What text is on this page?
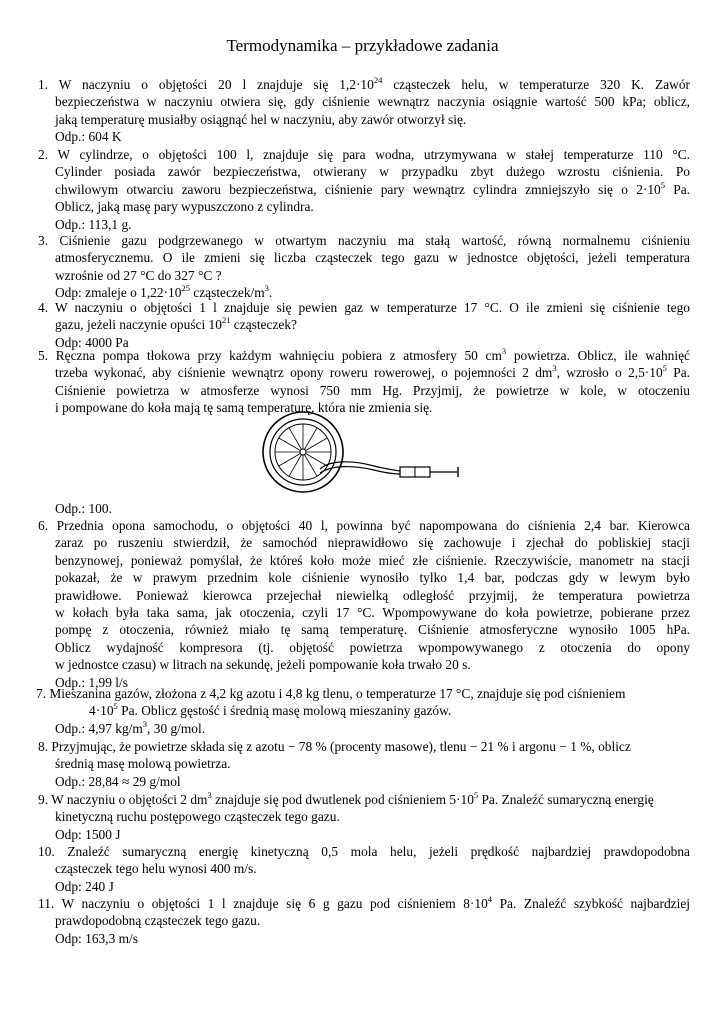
Termodynamika – przykładowe zadania
1. W naczyniu o objętości 20 l znajduje się $1,2\cdot 10^{24}$ cząsteczek helu, w temperaturze 320 K. Zawór
bezpieczeństwa w naczyniu otwiera się, gdy ciśnienie wewnątrz naczynia osiągnie wartość 500 kPa; oblicz,
jaką temperaturę musiałby osiągnąć hel w naczyniu, aby zawór otworzył się.
Odp.: 604 K
2. W cylindrze, o objętości 100 l, znajduje się para wodna, utrzymywana w stałej temperaturze 110 °C.
Cylinder posiada zawór bezpieczeństwa, otwierany w przypadku zbyt dużego wzrostu ciśnienia. Po
chwilowym otwarciu zaworu bezpieczeństwa, ciśnienie pary wewnątrz cylindra zmniejszyło się o $2\cdot 10^5$ Pa.
Oblicz, jaką masę pary wypuszczono z cylindra.
Odp.: 113,1 g.
3. Ciśnienie gazu podgrzewanego w otwartym naczyniu ma stałą wartość, równą normalnemu ciśnieniu
atmosferycznemu. O ile zmieni się liczba cząsteczek tego gazu w jednostce objętości, jeżeli temperatura
wzrośnie od 27 °C do 327 °C ?
Odp: zmaleje o $1,22\cdot 10^{25}$ cząsteczek/$m^3$.
4. W naczyniu o objętości 1 l znajduje się pewien gaz w temperaturze 17 °C. O ile zmieni się ciśnienie tego
gazu, jeżeli naczynie opuści $10^{21}$ cząsteczek?
Odp: 4000 Pa
5. Ręczna pompa tłokowa przy każdym wahnięciu pobiera z atmosfery 50 $cm^3$ powietrza. Oblicz, ile wahnięć
trzeba wykonać, aby ciśnienie wewnątrz opony roweru rowerowej, o pojemności 2 $dm^3$, wzrosło o $2,5\cdot 10^5$ Pa.
Ciśnienie powietrza w atmosferze wynosi 750 mm Hg. Przyjmij, że powietrze w kole, w otoczeniu
i pompowane do koła mają tę samą temperaturę, która nie zmienia się.
Odp.: 100.
6. Przednia opona samochodu, o objętości 40 l, powinna być napompowana do ciśnienia 2,4 bar. Kierowca
zaraz po ruszeniu stwierdził, że samochód nieprawidłowo się zachowuje i zjechał do pobliskiej stacji
benzynowej, ponieważ pomyślał, że któreś koło może mieć złe ciśnienie. Rzeczywiście, manometr na stacji
pokazał, że w prawym przednim kole ciśnienie wynosiło tylko 1,4 bar, podczas gdy w lewym było
prawidłowe. Ponieważ kierowca przejechał niewielką odległość przyjmij, że temperatura powietrza
w kołach była taka sama, jak otoczenia, czyli 17 °C. Wpompowywane do koła powietrze, pobierane przez
pompę z otoczenia, również miało tę samą temperaturę. Ciśnienie atmosferyczne wynosiło 1005 hPa.
Oblicz wydajność kompresora (tj. objętość powietrza wpompowywanego z otoczenia do opony
w jednostce czasu) w litrach na sekundę, jeżeli pompowanie koła trwało 20 s.
Odp.: 1,99 l/s
7. Mieszanina gazów, złożona z 4,2 kg azotu i 4,8 kg tlenu, o temperaturze 17 °C, znajduje się pod ciśnieniem
$4\cdot 10^5$ Pa. Oblicz gęstość i średnią masę molową mieszaniny gazów.
Odp.: 4,97 $kg/m^3$, 30 g/mol.
8. Przyjmując, że powietrze składa się z azotu − 78 % (procenty masowe), tlenu − 21 % i argonu − 1 %, oblicz
średnią masę molową powietrza.
Odp.: 28,84 ≈ 29 g/mol
9. W naczyniu o objętości 2 $dm^3$ znajduje się pod dwutlenek pod ciśnieniem $5\cdot 10^5$ Pa. Znaleźć sumaryczną energię
kinetyczną ruchu postępowego cząsteczek tego gazu.
Odp: 1500 J
10. Znaleźć sumaryczną energię kinetyczną 0,5 mola helu, jeżeli prędkość najbardziej prawdopodobna
cząsteczek tego helu wynosi 400 m/s.
Odp: 240 J
11. W naczyniu o objętości 1 l znajduje się 6 g gazu pod ciśnieniem $8\cdot 10^4$ Pa. Znaleźć szybkość najbardziej
prawdopodobną cząsteczek tego gazu.
Odp: 163,3 m/s
